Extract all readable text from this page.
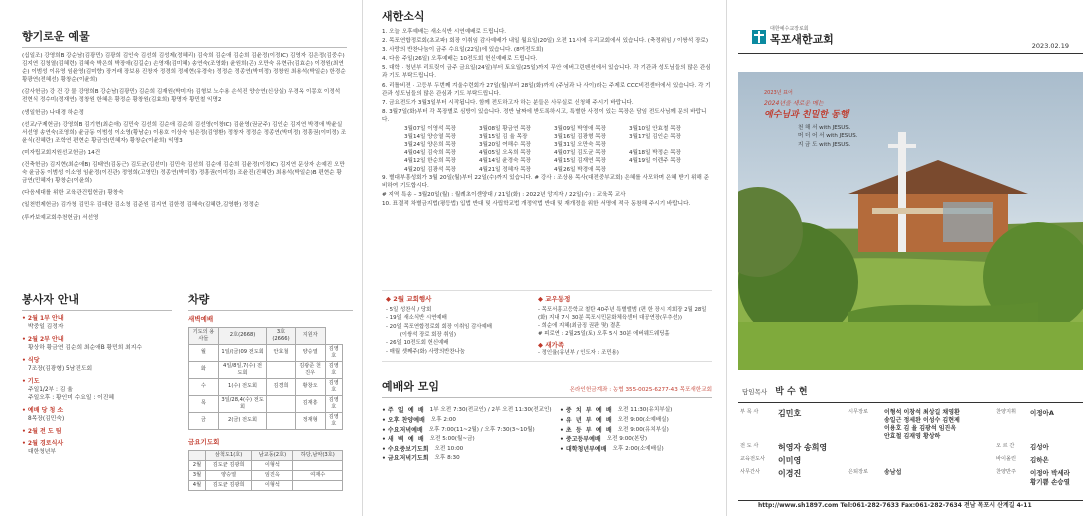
향기로운 예물

(십일조) 강영희B 강순남(김광민) 김광희 김인숙 김선희 김성제(정혜리) 김숙희 김순애 김순희 김윤정(이정IC) 김영자 김은정(김중수) 김지연 김청열(김혜련) 김혜숙 박은희 박장애(김길순) 손영재(김미혜) 송연숙(조영화) 윤원희(곤) 오만숙 유현규(김효순) 이경원(최연순) 이범성 이유영 임윤영(김미향) 장거래 장보용 진창자 정경희 정세현(유경숙) 정정순 정종연(박미정) 정창원 최용석(박일순) 한경순 황광연(전혜선) 황창순(이윤희)

(감사헌금) 강 건 강 물 강명희B 강순남(김광민) 김순희 김재원(박미자) 김형보 노수용 손석진 양승연(신상실) 우경옥 이몽호 이정석 전현식 정수미(정재연) 정창원 한혜은 황정순 황창원(김효희) 황명자 황민철 익명2

(생일헌금) 나대경 하순정

(선교/구제헌금) 강영희B 김기현(최순애) 김민숙 김선희 김순애 김순희 김선영(이창IC) 김윤영(권균주) 김인순 김지연 박경애 박윤실 서선영 송연숙(조영희) 윤금동 이범성 이소영(황남순) 이용호 이상숙 임은정(김영환) 정창자 정정순 정종연(박미정) 정흥권(이미정) 조윤식(진혜란) 조학연 편현순 황금연(민혜자) 황창순(이윤희) 익명3

(미자립교회지원선교헌금) 14건

(건축헌금) 김지현(최순애B) 김태연(김동근) 김도균(김선미) 김민숙 김선희 김순애 김순희 김윤정(이정IC) 김지연 문상자 손예진 오만숙 윤금동 이범성 이소영 임윤정(이진관) 정영희(고영민) 정종연(박미정) 정흥권(이미정) 조윤진(진혜란) 최용석(박일순)B 편현순 황금연(민혜자) 황창순(이윤희)

(다음세대를 위한 교육관건립헌금) 황창숙

(일천번제헌금) 김가청 김민우 김대란 김소청 김준원 김지연 김한정 김혜숙(김혜란,김영환) 정정순

(루카보예교회추천헌금) 서선영

봉사자 안내
• 2월 1부 안내
박중일 김정자
• 2월 2부 안내
황상하 황금연 김순희 최순애B 황민희 최지수
• 식당
7조장(김광형) 5남진도회
• 기도
주일1/2부 : 김 율
주일오후 : 황인미 수요일 : 이진혜
• 예배 당 청 소
8목장(김민숙)
• 2월 전 도 팀
• 2월 경로식사
대한청년부
차량
새벽예배
기도의 용사들	2호(2668)	3호(2666)	지원자	
월	1일/(금)09 전도회	안효철	양승열	김영호
화	4일/8일,7(수) 전도회		김광준 천진우	김영호
수	1(수) 전도회	김경희	황창오	김영호
목	3일/28,4(수) 전도회		김재흥	김영호
금	2(금) 전도회		정재형	김영호
금요기도회
	삼척도1(호)	남교동(2호)	하당,남악(3호)
2월	김도균 김광희	이형석	
3월	양승열	임진옥	여재수
4월	김도균 김광희	이형석	
새한소식

1. 오늘 오후예배는 새소식반 시연예배로 드립니다.

2. 목포연합정로회(초교파) 회장 이취임 감사예배가 내일 월요일(20일) 오전 11시에 우리교회에서 있습니다. (축정위임 / 이쌍석 장로)

3. 사랑의 반찬나눔이 금주 수요일(22일)에 있습니다. (8여전도회)

4. 다음 주일(26일) 오후예배는 10전도회 헌신예배로 드립니다.

5. 대학 · 청년부 리트릿이 금주 금요일(24일)부터 토요일(25일)까지 무안 에버그린펜션에서 있습니다. 각 기관과 성도님들의 많은 관심과 기도 부탁드립니다.

6. 리틀비젼 · 고등부 두번째 겨울수련회가 27일(월)부터 28일(화)까지 (주님과 나 사이)라는 주제로 CCC비전센터에서 있습니다. 각 기관과 성도님들의 많은 관심과 기도 부탁드립니다.

7. 금요전도가 3월3일부터 시작됩니다. 함께 전도하고자 하는 분들은 사무실로 신청해 주시기 바랍니다.

8. 3월7일(화)부터 각 목장별로 심방이 있습니다. 정반 날짜에 받도록하시고, 특별한 사정이 있는 목장은 담임 전도사님께 문의 바랍니다.

3월07일 이영석 목장	3월08일 황금연 목장	3월09일 박영애 목장	3월10일 안효철 목장
3월14일 양승열 목장	3월15일 김 율 목장	3월16일 김광형 목장	3월17일 김인순 목장
3월24일 양은희 목장	3월20일 여해수 목장	3월31일 오만숙 목장
4월04일 김숙희 목장	4월05일 오옥희 목장	4월07일 김도균 목장	4월18일 박정순 목장
4월12일 한순희 목장	4월14일 윤경숙 목장	4월15일 김재연 목장	4월19일 이렌주 목장
4월20일 김광석 목장	4월21일 정혜자 목장	4월26일 박경애 목장

9. 별대부흥성회가 3월 20일(월)부터 22일(수)까지 있습니다. # 강사 : 조상용 목사(대전중부교회) 은혜를 사모하며 은혜 받기 위해 준비하여 기도합시다.

# 지역 특송 – 3월20일(월) : 월례초이센양대 / 21일(화) : 2022년 앙지자 / 22일(수) : 교육목 교사

10. 표결적 차별금지법(평등법) 입법 반대 및 사립학교법 개정악법 반대 및 재개정을 위한 서명에 적극 동참해 주시기 바랍니다.

◆ 2월 교회행사
- 5일 성찬식 / 당회
- 19일 새소식반 시연예배
- 20일 목포연합정로회 회장 이취임 감사예배
(이쌍석 장로 회장 취임)
- 26일 10전도회 헌신예배
- 매월 셋째주(화) 사랑의반찬나눔
◆ 교우동정
- 목포서흥고등학교 철탄 40주년 특별앨범 (편 한 장시 지회장 2월 28일(화) 지내 7시 30분 목포시민문화체육센터 대공연장(무추선))
- 희순에 지혜(최금징 권판 몇) 결혼
# 피로연 : 2월25일(토) 오후 5시 30분 에버웨드웨딩홀
◆ 새가족
- 정인율(유년부 / 인도자 : 조민용)
예배와 모임	온라인헌금계좌 : 농협 355-0025-6277-43 목포새한교회
• 주  일  예  배 1부 오전 7:30(전교인) / 2부 오전 11:30(전교인)
• 오후 찬양예배 오후 2:00
• 수요저녁예배 오후 7:00(11~2월) / 오후 7:30(3~10월)
• 새  벽  예  배 오전 5:00(월~금)
• 수요중보기도회 오전 10:00
• 금요저녁기도회 오후 8:30
• 중  치  부  예  배 오전 11:30(유치부실)
• 유  년  부  예  배 오전 9:00(소예배실)
• 초  등  부  예  배 오전 9:00(유치부실)
• 중고등부예배 오전 9:00(본당)
• 대학청년부예배 오후 2:00(소예배실)
대한예수교장로회
목포새한교회
2023.02.19
2023년 표어
2024년을 새로운 메는
예수님과 친밀한 동행
천 해 서 with JESUS.
머 더 어 서 with JESUS.
지 금 도 with JESUS.
담임목사 박 수 현
부 목 사	김민호	시무장로	이형석 이창석 최상길 채영환
송일근 정세완 이성수 김현제
이용호 김 율 김광석 임진옥
안효철 김재영 황상하	찬양지휘	이정아A

전 도 사	허영자 송희영			오 르 간	김성아

교육전도사	이미영			바이올린	김하은

사무간사	이경진	은퇴장로	송남섭	찬양반주	이정아 박세라
황기쁨 손승열
http://www.sh1897.com Tel:061-282-7633 Fax:061-282-7634 전남 목포시 산계길 4-11
